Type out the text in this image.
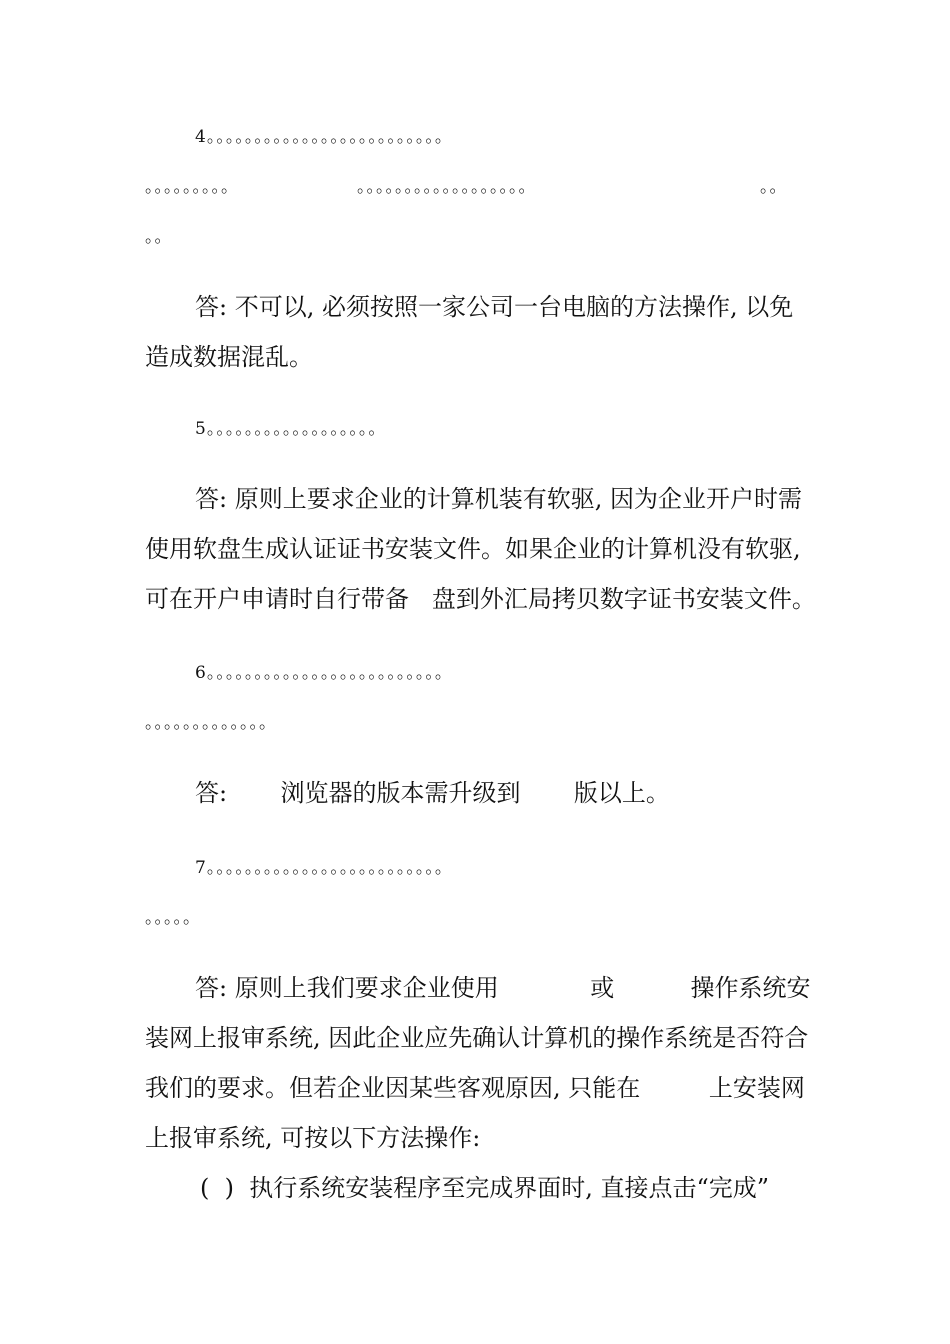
4。。。。。。。。。。。。。。。。。。。。。。。。。
。。。。。。。。。	。。。。。。。。。。。。。。。。。。	。。
。。
答: 不可以, 必须按照一家公司一台电脑的方法操作, 以免
造成数据混乱。
5。。。。。。。。。。。。。。。。。。
答: 原则上要求企业的计算机装有软驱, 因为企业开户时需
使用软盘生成认证证书安装文件。如果企业的计算机没有软驱,
可在开户申请时自行带备   盘到外汇局拷贝数字证书安装文件。
6。。。。。。。。。。。。。。。。。。。。。。。。。
。。。。。。。。。。。。。
答:       浏览器的版本需升级到       版以上。
7。。。。。。。。。。。。。。。。。。。。。。。。。
。。。。。
答: 原则上我们要求企业使用            或          操作系统安
装网上报审系统, 因此企业应先确认计算机的操作系统是否符合
我们的要求。但若企业因某些客观原因, 只能在         上安装网
上报审系统, 可按以下方法操作:
(  )  执行系统安装程序至完成界面时, 直接点击“完成”
